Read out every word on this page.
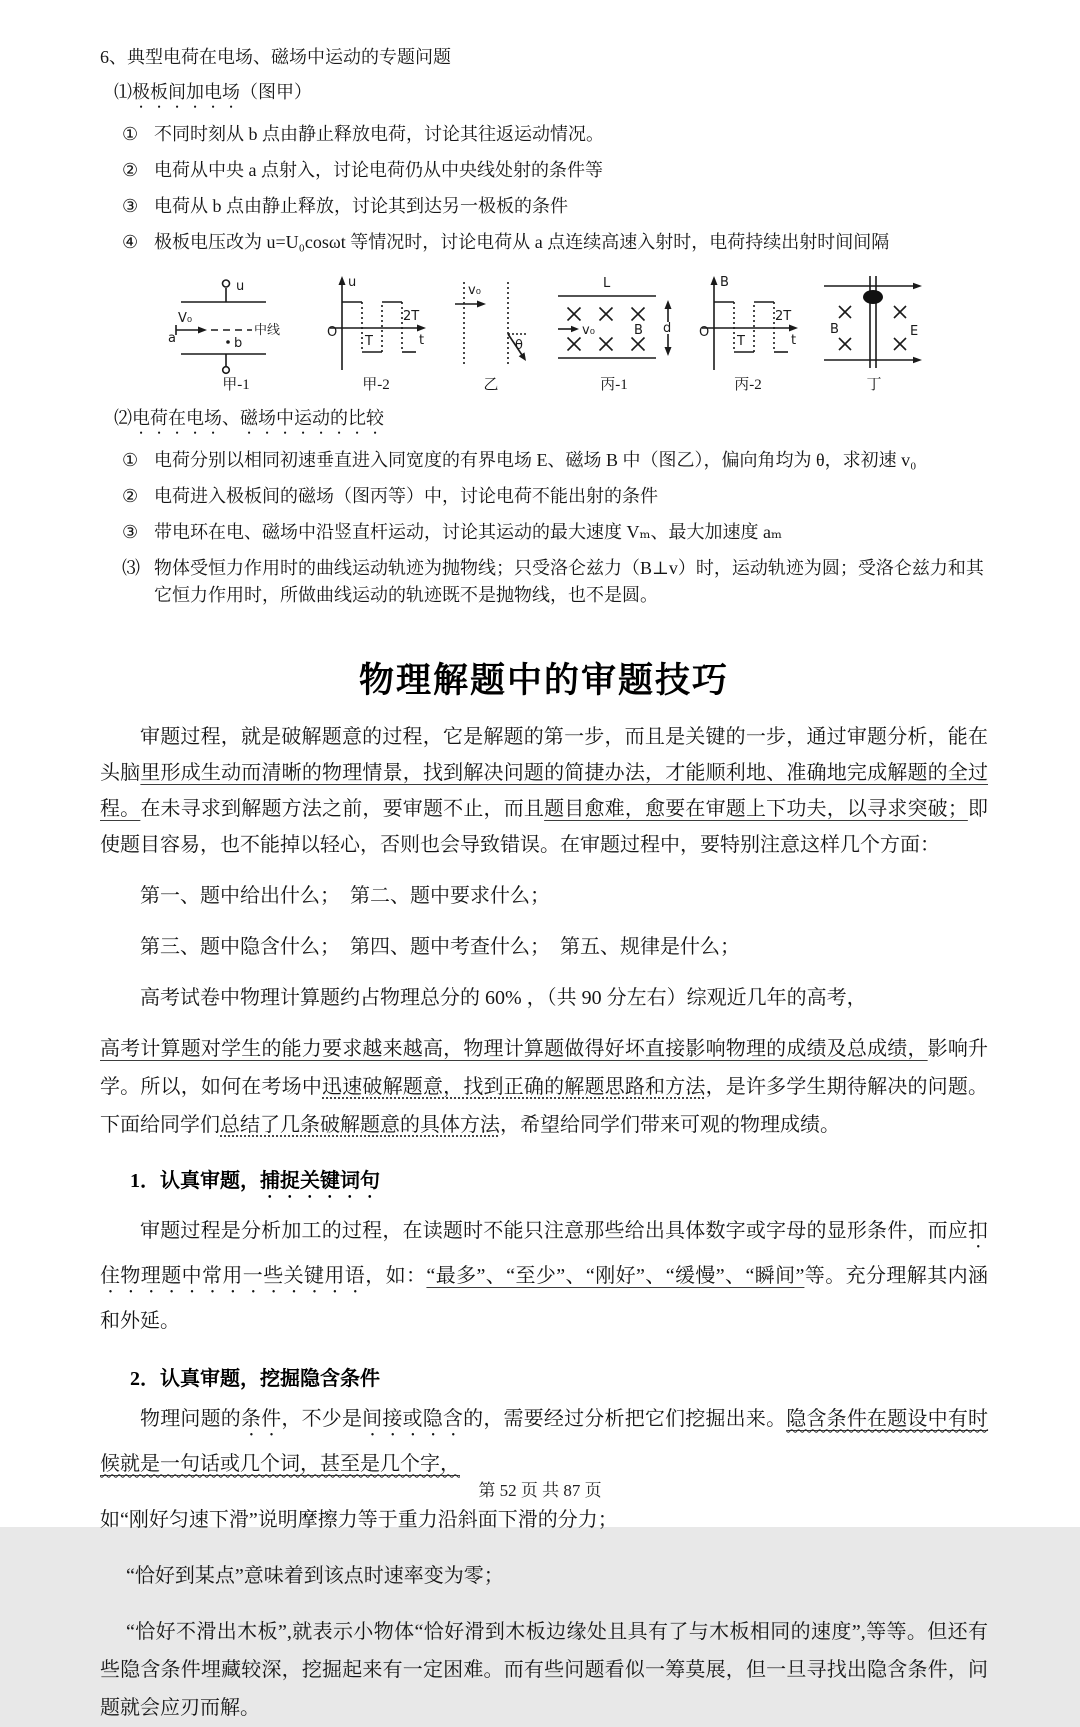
6、典型电荷在电场、磁场中运动的专题问题

⑴极板间加电场（图甲）

① 不同时刻从 b 点由静止释放电荷，讨论其往返运动情况。
② 电荷从中央 a 点射入，讨论电荷仍从中央线处射的条件等
③ 电荷从 b 点由静止释放，讨论其到达另一极板的条件
④ 极板电压改为 u=U₀cosωt 等情况时，讨论电荷从 a 点连续高速入射时，电荷持续出射时间间隔
u
V₀
a
中线
b
甲-1
u
t
O
T
2T
甲-2
v₀
θ
乙
L
v₀	B d
丙-1
B
t
O
T
2T
丙-2
B	E
丁

⑵电荷在电场、磁场中运动的比较

① 电荷分别以相同初速垂直进入同宽度的有界电场 E、磁场 B 中（图乙），偏向角均为 θ，求初速 v₀
② 电荷进入极板间的磁场（图丙等）中，讨论电荷不能出射的条件
③ 带电环在电、磁场中沿竖直杆运动，讨论其运动的最大速度 Vₘ、最大加速度 aₘ
⑶ 物体受恒力作用时的曲线运动轨迹为抛物线；只受洛仑兹力（B⊥v）时，运动轨迹为圆；受洛仑兹力和其它恒力作用时，所做曲线运动的轨迹既不是抛物线，也不是圆。
物理解题中的审题技巧

审题过程，就是破解题意的过程，它是解题的第一步，而且是关键的一步，通过审题分析，能在头脑里形成生动而清晰的物理情景，找到解决问题的简捷办法，才能顺利地、准确地完成解题的全过程。在未寻求到解题方法之前，要审题不止，而且题目愈难，愈要在审题上下功夫，以寻求突破；即使题目容易，也不能掉以轻心，否则也会导致错误。在审题过程中，要特别注意这样几个方面：

第一、题中给出什么；　第二、题中要求什么；

第三、题中隐含什么；　第四、题中考查什么；　第五、规律是什么；

高考试卷中物理计算题约占物理总分的 60% ，（共 90 分左右）综观近几年的高考，

高考计算题对学生的能力要求越来越高，物理计算题做得好坏直接影响物理的成绩及总成绩，影响升学。所以，如何在考场中迅速破解题意，找到正确的解题思路和方法，是许多学生期待解决的问题。下面给同学们总结了几条破解题意的具体方法，希望给同学们带来可观的物理成绩。

1．认真审题，捕捉关键词句

审题过程是分析加工的过程，在读题时不能只注意那些给出具体数字或字母的显形条件，而应扣住物理题中常用一些关键用语，如：“最多”、“至少”、“刚好”、“缓慢”、“瞬间”等。充分理解其内涵和外延。

2．认真审题，挖掘隐含条件

物理问题的条件，不少是间接或隐含的，需要经过分析把它们挖掘出来。隐含条件在题设中有时候就是一句话或几个词，甚至是几个字，

如“刚好匀速下滑”说明摩擦力等于重力沿斜面下滑的分力；

“恰好到某点”意味着到该点时速率变为零；

“恰好不滑出木板”,就表示小物体“恰好滑到木板边缘处且具有了与木板相同的速度”,等等。但还有些隐含条件埋藏较深，挖掘起来有一定困难。而有些问题看似一筹莫展，但一旦寻找出隐含条件，问题就会应刃而解。

第 52 页 共 87 页
